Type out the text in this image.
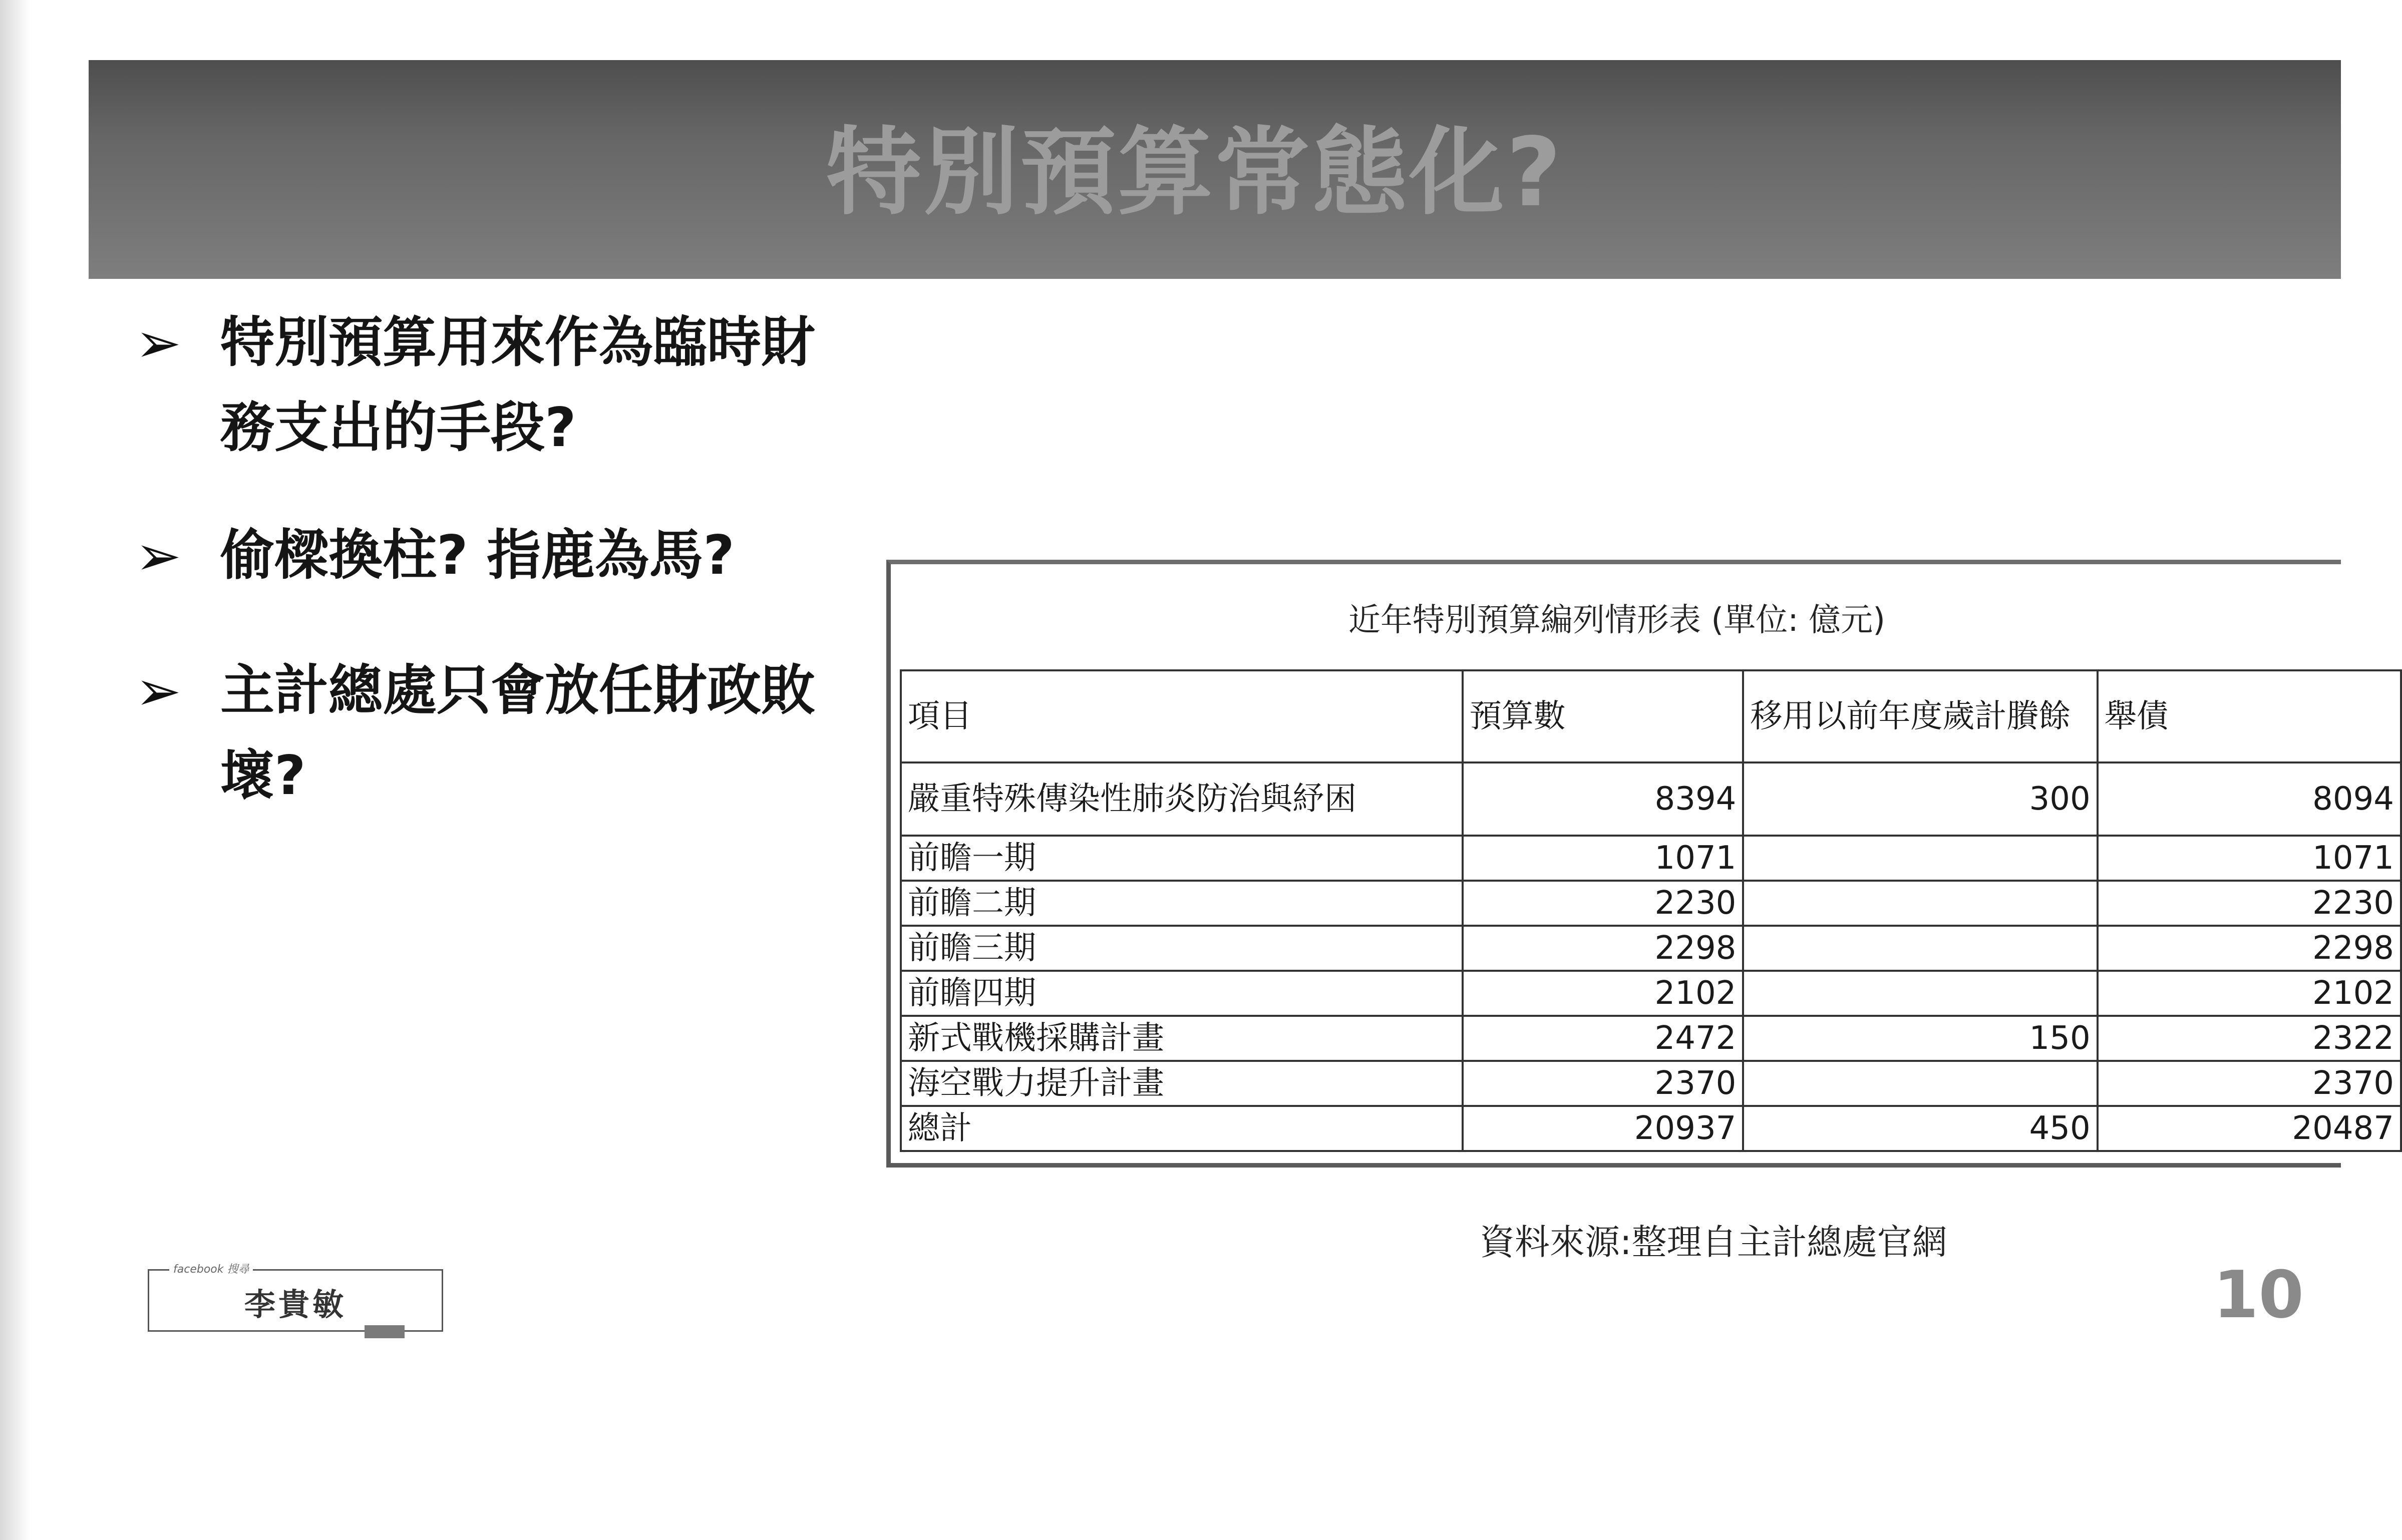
特別預算常態化?
➢ 特別預算用來作為臨時財務支出的手段?
➢ 偷樑換柱? 指鹿為馬?
➢ 主計總處只會放任財政敗壞?
近年特別預算編列情形表 (單位: 億元)
項目	預算數	移用以前年度歲計賸餘	舉債
嚴重特殊傳染性肺炎防治與紓困	8394	300	8094
前瞻一期	1071		1071
前瞻二期	2230		2230
前瞻三期	2298		2298
前瞻四期	2102		2102
新式戰機採購計畫	2472	150	2322
海空戰力提升計畫	2370		2370
總計	20937	450	20487
資料來源:整理自主計總處官網
10
facebook 搜尋
李貴敏
